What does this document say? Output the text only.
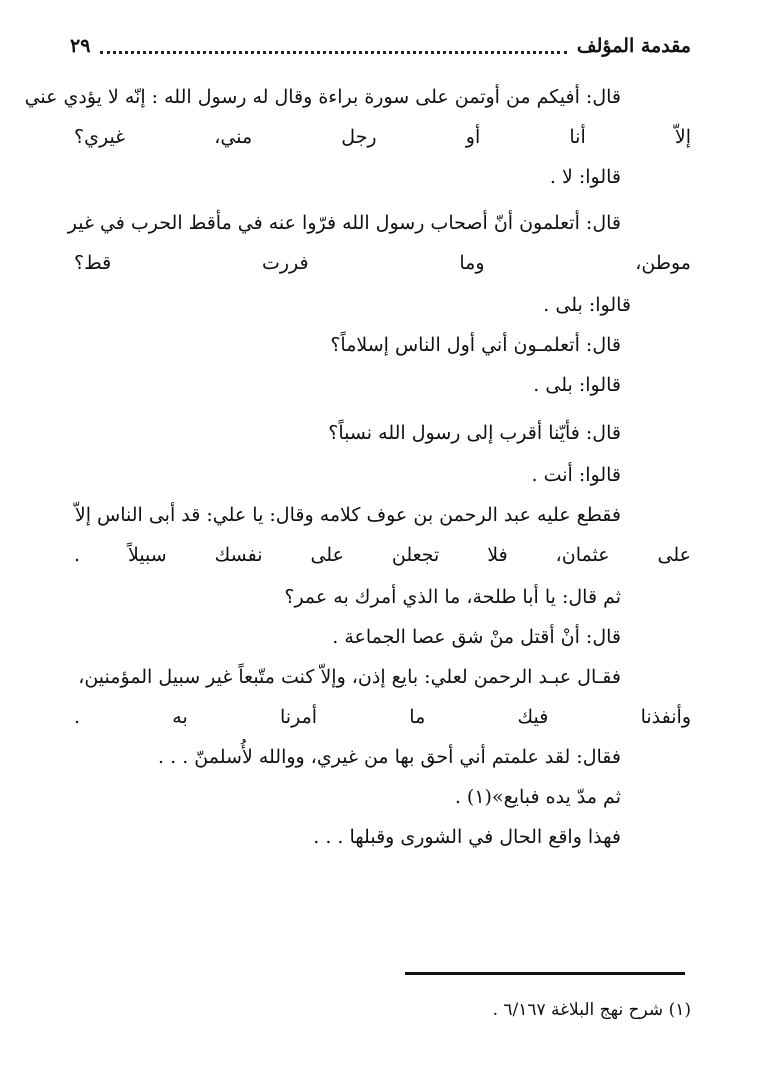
مقدمة المؤلف
٢٩
قال: أفيكم من أوتمن على سورة براءة وقال له رسول الله : إنّه لا يؤدي عني
إلاّ أنا أو رجل مني، غيري؟
قالوا: لا .
قال: أتعلمون أنّ أصحاب رسول الله فرّوا عنه في مأقط الحرب في غير
موطن، وما فررت قط؟
قالوا: بلى .
قال: أتعلمـون أني أول الناس إسلاماً؟
قالوا: بلى .
قال: فأيّنا أقرب إلى رسول الله نسباً؟
قالوا: أنت .
فقطع عليه عبد الرحمن بن عوف كلامه وقال: يا علي: قد أبى الناس إلاّ
على عثمان، فلا تجعلن على نفسك سبيلاً .
ثم قال: يا أبا طلحة، ما الذي أمرك به عمر؟
قال: أنْ أقتل منْ شق عصا الجماعة .
فقـال عبـد الرحمن لعلي: بايع إذن، وإلاّ كنت متّبعاً غير سبيل المؤمنين،
وأنفذنا فيك ما أمرنا به .
فقال: لقد علمتم أني أحق بها من غيري، ووالله لأُسلمنّ . . .
ثم مدّ يده فبايع»(١) .
فهذا واقع الحال في الشورى وقبلها . . .
(١) شرح نهج البلاغة ٦/١٦٧ .
